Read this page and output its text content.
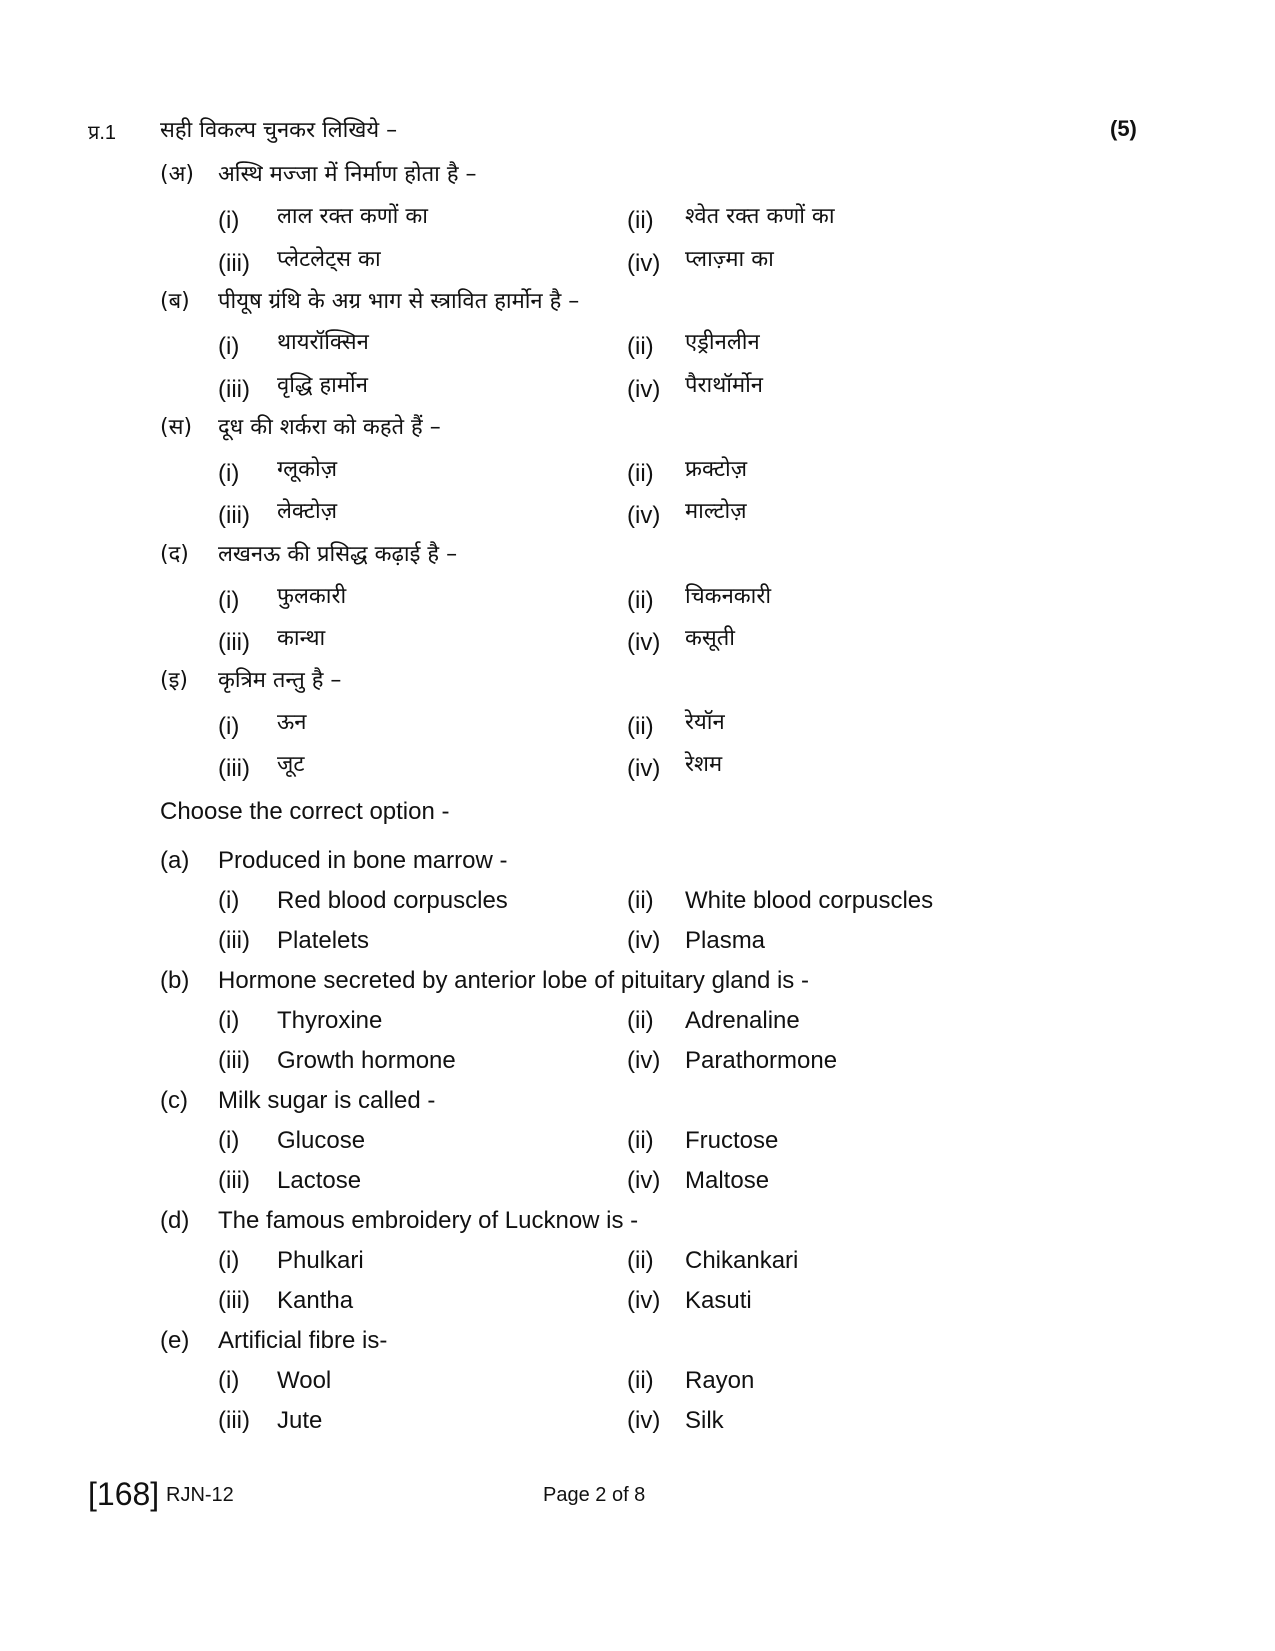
प्र.1 सही विकल्प चुनकर लिखिये –	(5)
(अ) अस्थि मज्जा में निर्माण होता है –
(i) लाल रक्त कणों का	(ii) श्वेत रक्त कणों का
(iii) प्लेटलेट्स का	(iv) प्लाज़्मा का
(ब) पीयूष ग्रंथि के अग्र भाग से स्त्रावित हार्मोन है –
(i) थायरॉक्सिन	(ii) एड्रीनलीन
(iii) वृद्धि हार्मोन	(iv) पैराथॉर्मोन
(स) दूध की शर्करा को कहते हैं –
(i) ग्लूकोज़	(ii) फ्रक्टोज़
(iii) लेक्टोज़	(iv) माल्टोज़
(द) लखनऊ की प्रसिद्ध कढ़ाई है –
(i) फुलकारी	(ii) चिकनकारी
(iii) कान्था	(iv) कसूती
(इ) कृत्रिम तन्तु है –
(i) ऊन	(ii) रेयॉन
(iii) जूट	(iv) रेशम
Choose the correct option -
(a) Produced in bone marrow -
(i) Red blood corpuscles	(ii) White blood corpuscles
(iii) Platelets	(iv) Plasma
(b) Hormone secreted by anterior lobe of pituitary gland is -
(i) Thyroxine	(ii) Adrenaline
(iii) Growth hormone	(iv) Parathormone
(c) Milk sugar is called -
(i) Glucose	(ii) Fructose
(iii) Lactose	(iv) Maltose
(d) The famous embroidery of Lucknow is -
(i) Phulkari	(ii) Chikankari
(iii) Kantha	(iv) Kasuti
(e) Artificial fibre is-
(i) Wool	(ii) Rayon
(iii) Jute	(iv) Silk
[168] RJN-12	Page 2 of 8
